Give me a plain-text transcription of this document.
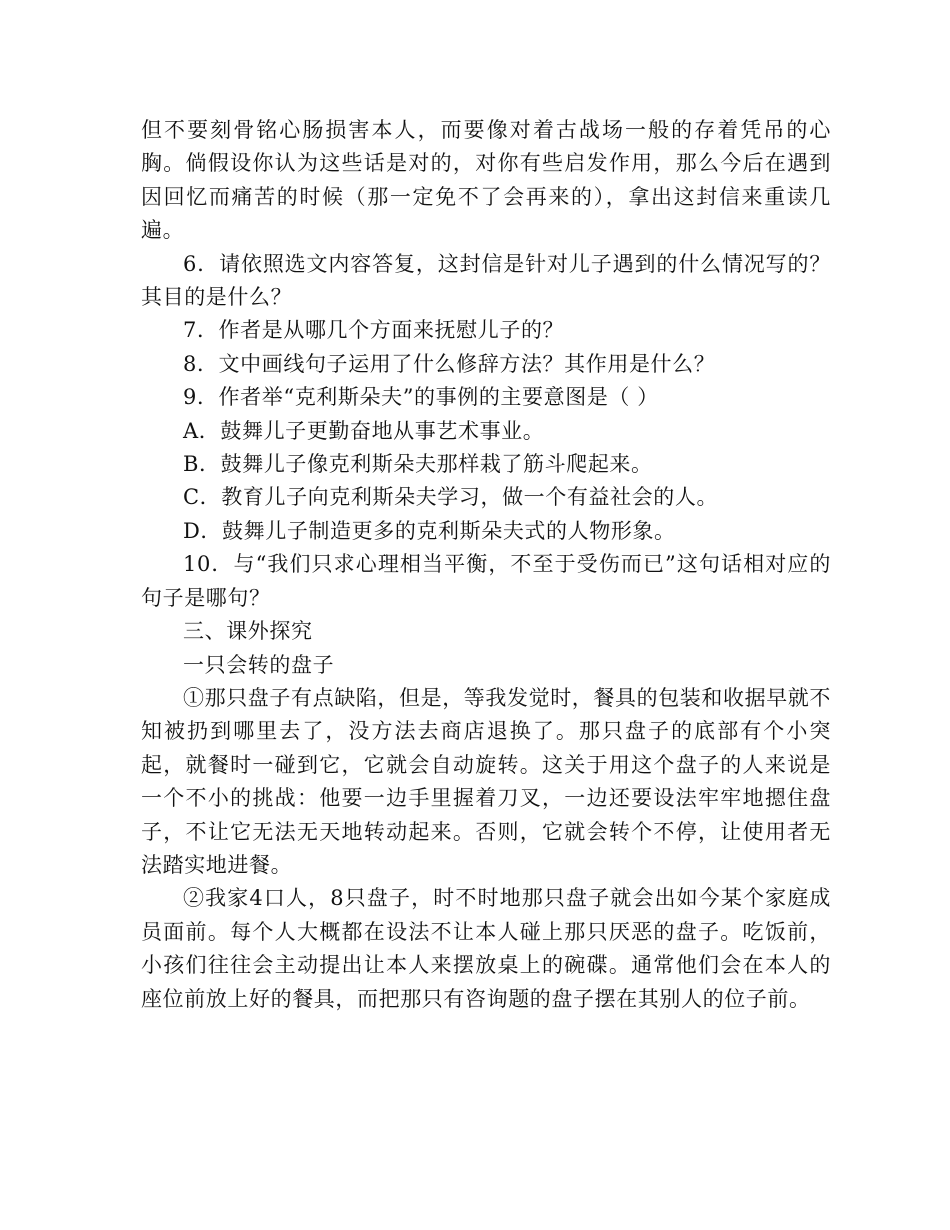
但不要刻骨铭心肠损害本人，而要像对着古战场一般的存着凭吊的心胸。倘假设你认为这些话是对的，对你有些启发作用，那么今后在遇到因回忆而痛苦的时候（那一定免不了会再来的），拿出这封信来重读几遍。

6．请依照选文内容答复，这封信是针对儿子遇到的什么情况写的？其目的是什么？

7．作者是从哪几个方面来抚慰儿子的？

8．文中画线句子运用了什么修辞方法？其作用是什么？

9．作者举“克利斯朵夫”的事例的主要意图是（ ）

A．鼓舞儿子更勤奋地从事艺术事业。

B．鼓舞儿子像克利斯朵夫那样栽了筋斗爬起来。

C．教育儿子向克利斯朵夫学习，做一个有益社会的人。

D．鼓舞儿子制造更多的克利斯朵夫式的人物形象。

10．与“我们只求心理相当平衡，不至于受伤而已”这句话相对应的句子是哪句？

三、课外探究

一只会转的盘子

①那只盘子有点缺陷，但是，等我发觉时，餐具的包装和收据早就不知被扔到哪里去了，没方法去商店退换了。那只盘子的底部有个小突起，就餐时一碰到它，它就会自动旋转。这关于用这个盘子的人来说是一个不小的挑战：他要一边手里握着刀叉，一边还要设法牢牢地摁住盘子，不让它无法无天地转动起来。否则，它就会转个不停，让使用者无法踏实地进餐。

②我家4口人，8只盘子，时不时地那只盘子就会出如今某个家庭成员面前。每个人大概都在设法不让本人碰上那只厌恶的盘子。吃饭前，小孩们往往会主动提出让本人来摆放桌上的碗碟。通常他们会在本人的座位前放上好的餐具，而把那只有咨询题的盘子摆在其别人的位子前。
